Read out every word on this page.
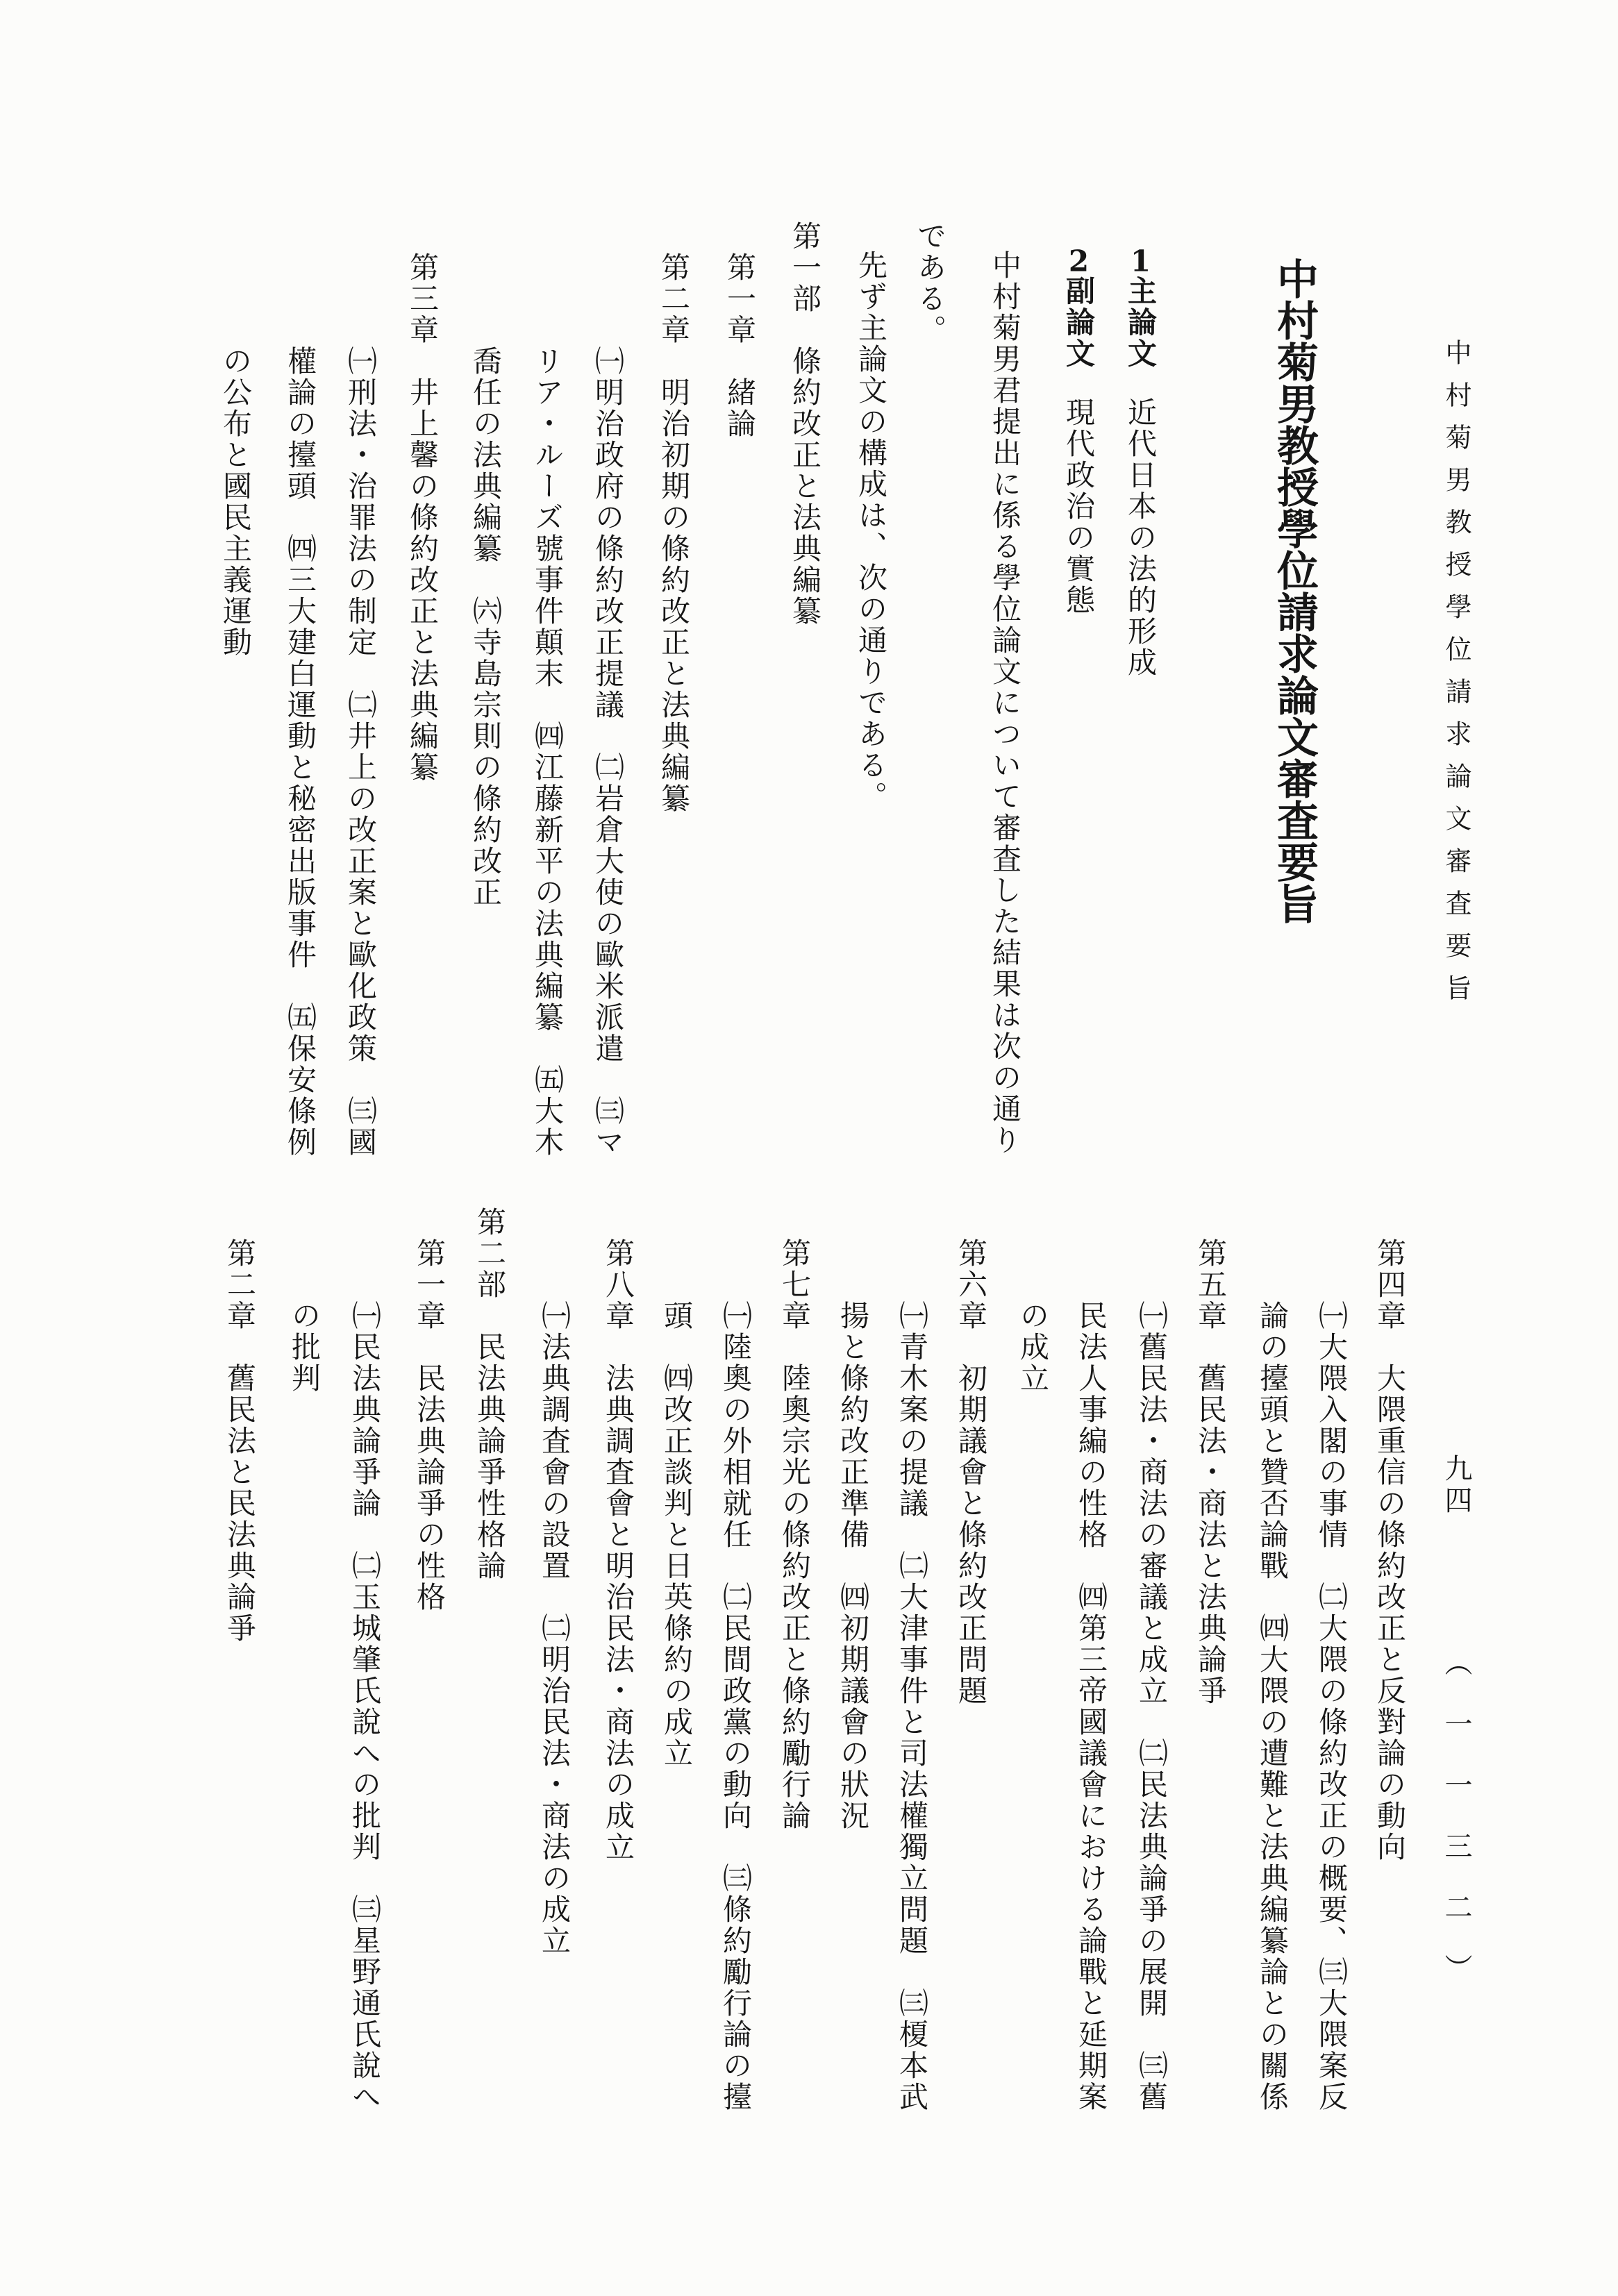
中村菊男教授學位請求論文審査要旨
九四
（一一三二）
中村菊男教授學位請求論文審査要旨
1主論文近代日本の法的形成
2副論文現代政治の實態
中村菊男君提出に係る學位論文について審査した結果は次の通り
である。
先ず主論文の構成は、次の通りである。
第一部　條約改正と法典編纂
第一章　緒論
第二章　明治初期の條約改正と法典編纂
㈠明治政府の條約改正提議　㈡岩倉大使の歐米派遣　㈢マ
リア・ルーズ號事件顛末　㈣江藤新平の法典編纂　㈤大木
喬任の法典編纂　㈥寺島宗則の條約改正
第三章　井上馨の條約改正と法典編纂
㈠刑法・治罪法の制定　㈡井上の改正案と歐化政策　㈢國
權論の擡頭　㈣三大建白運動と秘密出版事件　㈤保安條例
の公布と國民主義運動
第四章　大隈重信の條約改正と反對論の動向
㈠大隈入閣の事情　㈡大隈の條約改正の概要、㈢大隈案反
論の擡頭と贊否論戰　㈣大隈の遭難と法典編纂論との關係
第五章　舊民法・商法と法典論爭
㈠舊民法・商法の審議と成立　㈡民法典論爭の展開　㈢舊
民法人事編の性格　㈣第三帝國議會における論戰と延期案
の成立
第六章　初期議會と條約改正問題
㈠青木案の提議　㈡大津事件と司法權獨立問題　㈢榎本武
揚と條約改正準備　㈣初期議會の狀況
第七章　陸奧宗光の條約改正と條約勵行論
㈠陸奧の外相就任　㈡民間政黨の動向　㈢條約勵行論の擡
頭　㈣改正談判と日英條約の成立
第八章　法典調査會と明治民法・商法の成立
㈠法典調査會の設置　㈡明治民法・商法の成立
第二部　民法典論爭性格論
第一章　民法典論爭の性格
㈠民法典論爭論　㈡玉城肇氏說への批判　㈢星野通氏說へ
の批判
第二章　舊民法と民法典論爭
